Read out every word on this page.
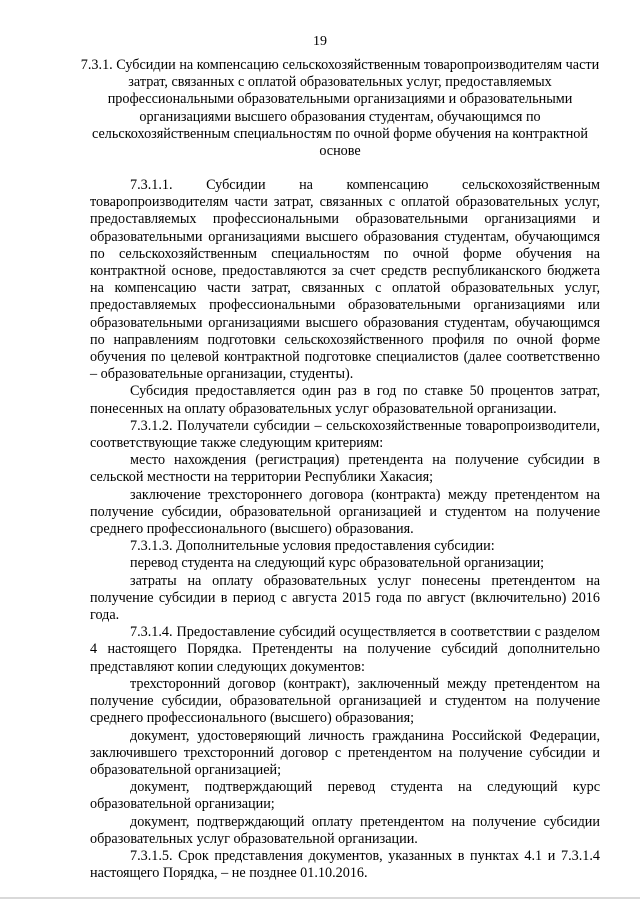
19
7.3.1. Субсидии на компенсацию сельскохозяйственным товаропроизводителям части затрат, связанных с оплатой образовательных услуг, предоставляемых профессиональными образовательными организациями и образовательными организациями высшего образования студентам, обучающимся по сельскохозяйственным специальностям по очной форме обучения на контрактной основе

7.3.1.1. Субсидии на компенсацию сельскохозяйственным товаропроизводителям части затрат, связанных с оплатой образовательных услуг, предоставляемых профессиональными образовательными организациями и образовательными организациями высшего образования студентам, обучающимся по сельскохозяйственным специальностям по очной форме обучения на контрактной основе, предоставляются за счет средств республиканского бюджета на компенсацию части затрат, связанных с оплатой образовательных услуг, предоставляемых профессиональными образовательными организациями или образовательными организациями высшего образования студентам, обучающимся по направлениям подготовки сельскохозяйственного профиля по очной форме обучения по целевой контрактной подготовке специалистов (далее соответственно – образовательные организации, студенты).

Субсидия предоставляется один раз в год по ставке 50 процентов затрат, понесенных на оплату образовательных услуг образовательной организации.

7.3.1.2. Получатели субсидии – сельскохозяйственные товаропроизводители, соответствующие также следующим критериям:

место нахождения (регистрация) претендента на получение субсидии в сельской местности на территории Республики Хакасия;

заключение трехстороннего договора (контракта) между претендентом на получение субсидии, образовательной организацией и студентом на получение среднего профессионального (высшего) образования.

7.3.1.3. Дополнительные условия предоставления субсидии:

перевод студента на следующий курс образовательной организации;

затраты на оплату образовательных услуг понесены претендентом на получение субсидии в период с августа 2015 года по август (включительно) 2016 года.

7.3.1.4. Предоставление субсидий осуществляется в соответствии с разделом 4 настоящего Порядка. Претенденты на получение субсидий дополнительно представляют копии следующих документов:

трехсторонний договор (контракт), заключенный между претендентом на получение субсидии, образовательной организацией и студентом на получение среднего профессионального (высшего) образования;

документ, удостоверяющий личность гражданина Российской Федерации, заключившего трехсторонний договор с претендентом на получение субсидии и образовательной организацией;

документ, подтверждающий перевод студента на следующий курс образовательной организации;

документ, подтверждающий оплату претендентом на получение субсидии образовательных услуг образовательной организации.

7.3.1.5. Срок представления документов, указанных в пунктах 4.1 и 7.3.1.4 настоящего Порядка, – не позднее 01.10.2016.
